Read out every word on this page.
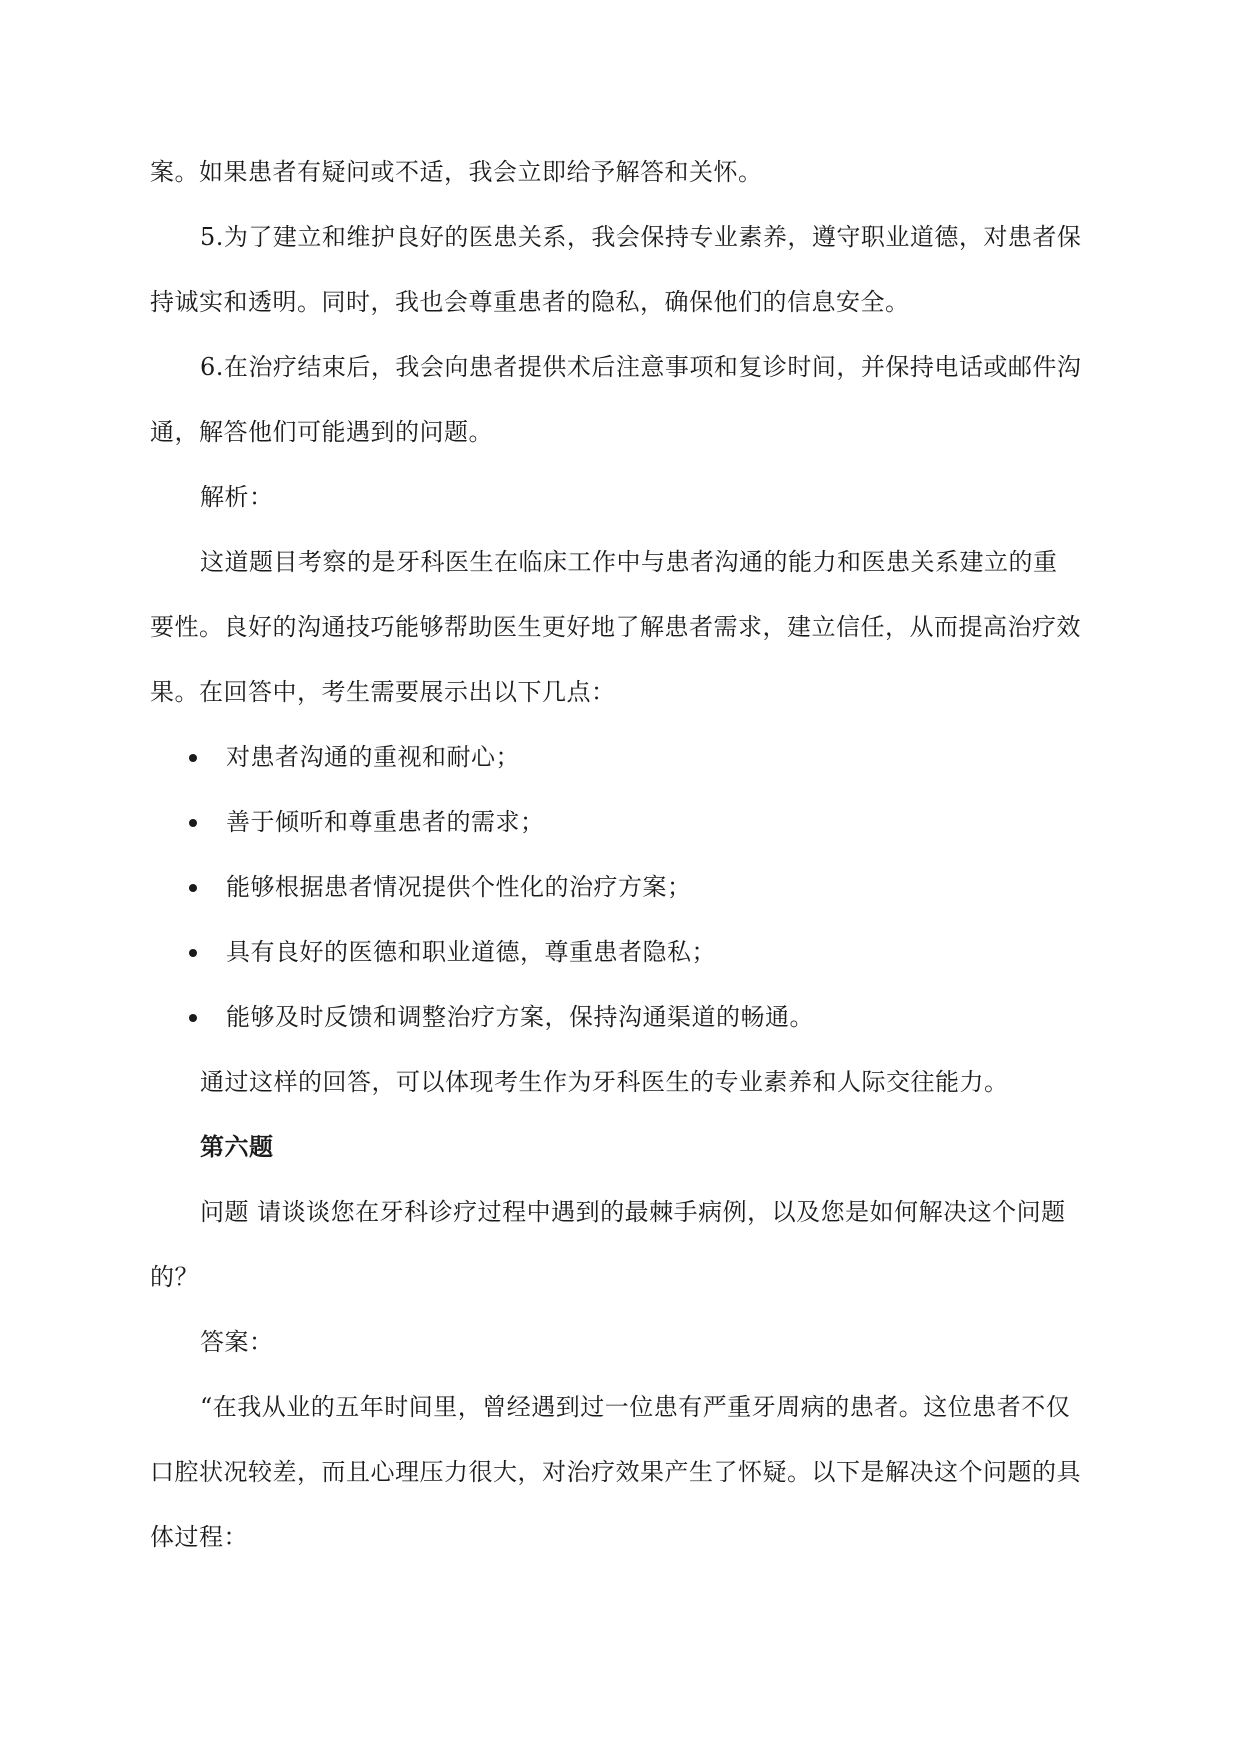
案。如果患者有疑问或不适，我会立即给予解答和关怀。
5.为了建立和维护良好的医患关系，我会保持专业素养，遵守职业道德，对患者保
持诚实和透明。同时，我也会尊重患者的隐私，确保他们的信息安全。
6.在治疗结束后，我会向患者提供术后注意事项和复诊时间，并保持电话或邮件沟
通，解答他们可能遇到的问题。
解析：
这道题目考察的是牙科医生在临床工作中与患者沟通的能力和医患关系建立的重
要性。良好的沟通技巧能够帮助医生更好地了解患者需求，建立信任，从而提高治疗效
果。在回答中，考生需要展示出以下几点：
对患者沟通的重视和耐心；
善于倾听和尊重患者的需求；
能够根据患者情况提供个性化的治疗方案；
具有良好的医德和职业道德，尊重患者隐私；
能够及时反馈和调整治疗方案，保持沟通渠道的畅通。
通过这样的回答，可以体现考生作为牙科医生的专业素养和人际交往能力。
第六题
问题 请谈谈您在牙科诊疗过程中遇到的最棘手病例，以及您是如何解决这个问题
的？
答案：
“在我从业的五年时间里，曾经遇到过一位患有严重牙周病的患者。这位患者不仅
口腔状况较差，而且心理压力很大，对治疗效果产生了怀疑。以下是解决这个问题的具
体过程：
